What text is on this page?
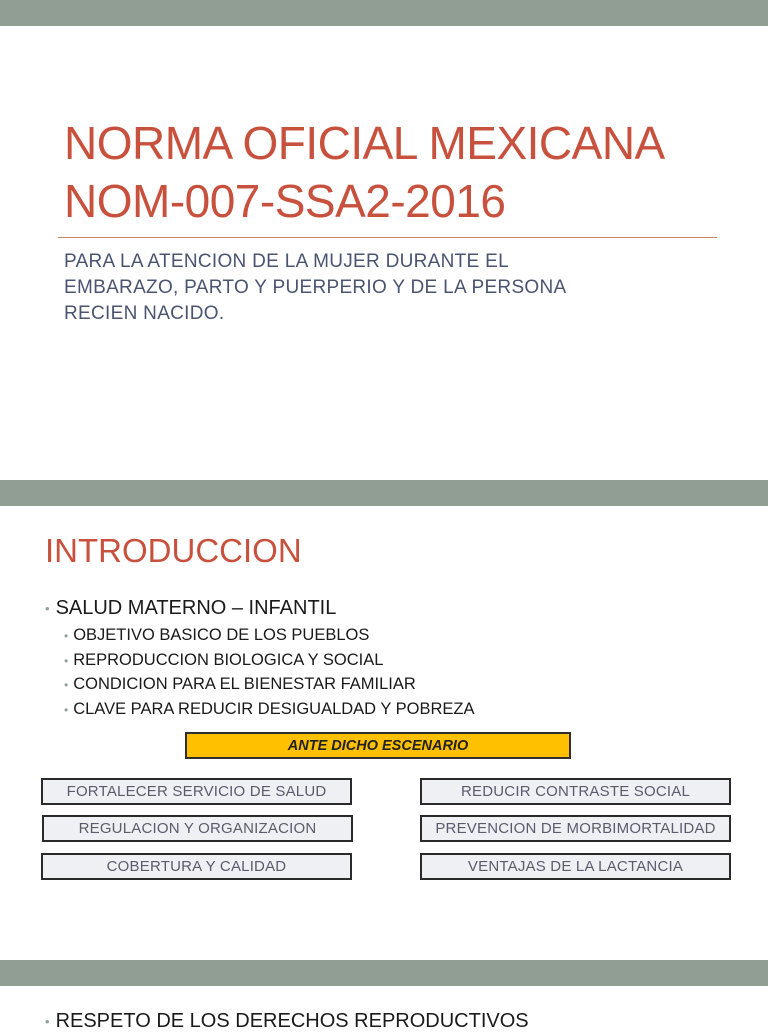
NORMA OFICIAL MEXICANA
NOM-007-SSA2-2016

PARA LA ATENCION DE LA MUJER DURANTE EL EMBARAZO, PARTO Y PUERPERIO Y DE LA PERSONA RECIEN NACIDO.

INTRODUCCION
• SALUD MATERNO – INFANTIL
• OBJETIVO BASICO DE LOS PUEBLOS
• REPRODUCCION BIOLOGICA Y SOCIAL
• CONDICION PARA EL BIENESTAR FAMILIAR
• CLAVE PARA REDUCIR DESIGUALDAD Y POBREZA
ANTE DICHO ESCENARIO
FORTALECER SERVICIO DE SALUD
REGULACION Y ORGANIZACION
COBERTURA Y CALIDAD
REDUCIR CONTRASTE SOCIAL
PREVENCION DE MORBIMORTALIDAD
VENTAJAS DE LA LACTANCIA
• RESPETO DE LOS DERECHOS REPRODUCTIVOS
